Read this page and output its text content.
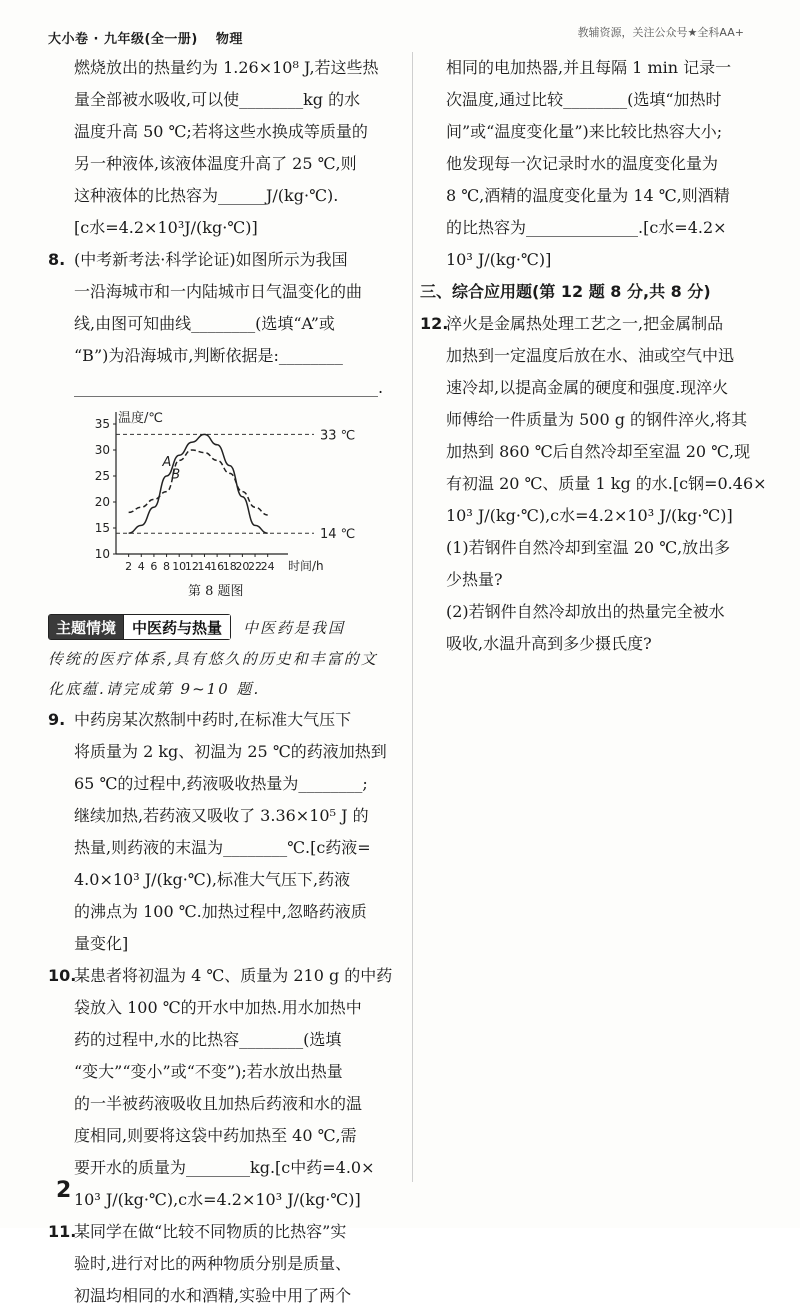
大小卷 · 九年级(全一册) 物理	教辅资源，关注公众号★全科AA+
燃烧放出的热量约为 1.26×10⁸ J,若这些热
量全部被水吸收,可以使________kg 的水
温度升高 50 ℃;若将这些水换成等质量的
另一种液体,该液体温度升高了 25 ℃,则
这种液体的比热容为______J/(kg·℃).
[c水=4.2×10³J/(kg·℃)]
8. (中考新考法·科学论证)如图所示为我国
一沿海城市和一内陆城市日气温变化的曲
线,由图可知曲线________(选填“A”或
“B”)为沿海城市,判断依据是:________
______________________________________.
温度/℃
时间/h
10
15
20
25
30
35
2 4 6 8 10
12
14
16
18
20
22
24
33 ℃
14 ℃
A
B
第 8 题图
主题情境	中医药与热量	中医药是我国
传统的医疗体系,具有悠久的历史和丰富的文
化底蕴.请完成第 9~10 题.
9. 中药房某次熬制中药时,在标准大气压下
将质量为 2 kg、初温为 25 ℃的药液加热到
65 ℃的过程中,药液吸收热量为________;
继续加热,若药液又吸收了 3.36×10⁵ J 的
热量,则药液的末温为________℃.[c药液=
4.0×10³ J/(kg·℃),标准大气压下,药液
的沸点为 100 ℃.加热过程中,忽略药液质
量变化]
10.某患者将初温为 4 ℃、质量为 210 g 的中药
袋放入 100 ℃的开水中加热.用水加热中
药的过程中,水的比热容________(选填
“变大”“变小”或“不变”);若水放出热量
的一半被药液吸收且加热后药液和水的温
度相同,则要将这袋中药加热至 40 ℃,需
要开水的质量为________kg.[c中药=4.0×
10³ J/(kg·℃),c水=4.2×10³ J/(kg·℃)]
11.某同学在做“比较不同物质的比热容”实
验时,进行对比的两种物质分别是质量、
初温均相同的水和酒精,实验中用了两个
相同的电加热器,并且每隔 1 min 记录一
次温度,通过比较________(选填“加热时
间”或“温度变化量”)来比较比热容大小;
他发现每一次记录时水的温度变化量为
8 ℃,酒精的温度变化量为 14 ℃,则酒精
的比热容为______________.[c水=4.2×
10³ J/(kg·℃)]
三、综合应用题(第 12 题 8 分,共 8 分)
12.淬火是金属热处理工艺之一,把金属制品
加热到一定温度后放在水、油或空气中迅
速冷却,以提高金属的硬度和强度.现淬火
师傅给一件质量为 500 g 的钢件淬火,将其
加热到 860 ℃后自然冷却至室温 20 ℃,现
有初温 20 ℃、质量 1 kg 的水.[c钢=0.46×
10³ J/(kg·℃),c水=4.2×10³ J/(kg·℃)]
(1)若钢件自然冷却到室温 20 ℃,放出多
少热量?
(2)若钢件自然冷却放出的热量完全被水
吸收,水温升高到多少摄氏度?
2
